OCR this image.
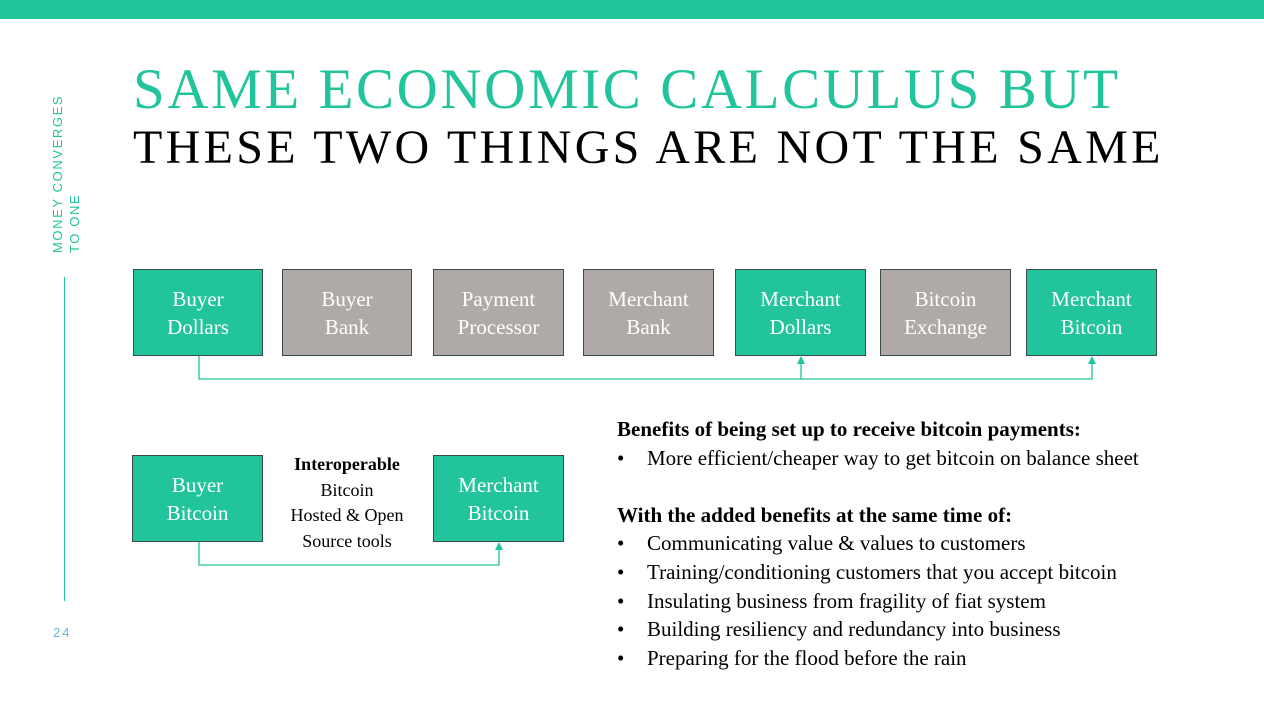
MONEY CONVERGES TO ONE
24
SAME ECONOMIC CALCULUS BUT
THESE TWO THINGS ARE NOT THE SAME
Buyer
Dollars
Buyer
Bank
Payment
Processor
Merchant
Bank
Merchant
Dollars
Bitcoin
Exchange
Merchant
Bitcoin
Buyer
Bitcoin
Merchant
Bitcoin
Interoperable
Bitcoin
Hosted & Open
Source tools
Benefits of being set up to receive bitcoin payments:
• More efficient/cheaper way to get bitcoin on balance sheet
With the added benefits at the same time of:
• Communicating value & values to customers
• Training/conditioning customers that you accept bitcoin
• Insulating business from fragility of fiat system
• Building resiliency and redundancy into business
• Preparing for the flood before the rain
